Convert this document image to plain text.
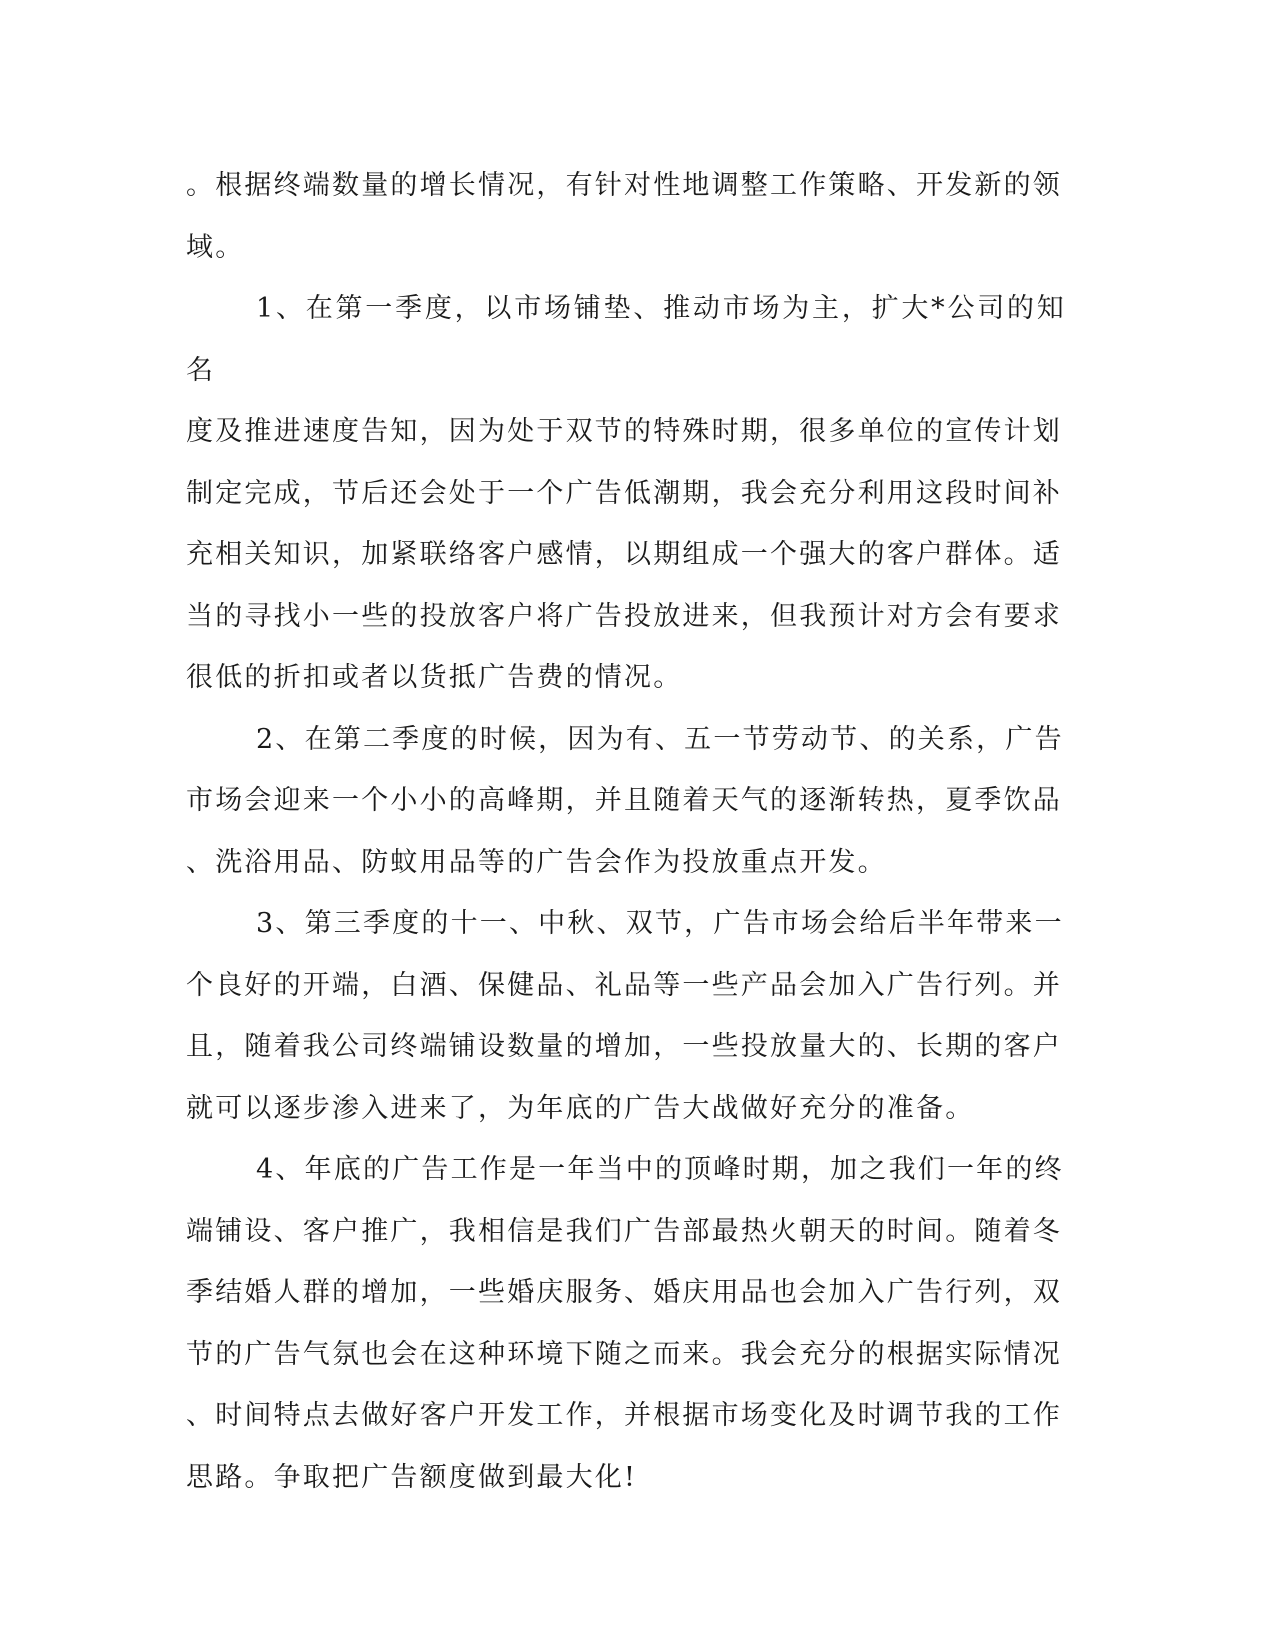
。根据终端数量的增长情况，有针对性地调整工作策略、开发新的领
域。

1、在第一季度，以市场铺垫、推动市场为主，扩大*公司的知名
度及推进速度告知，因为处于双节的特殊时期，很多单位的宣传计划
制定完成，节后还会处于一个广告低潮期，我会充分利用这段时间补
充相关知识，加紧联络客户感情，以期组成一个强大的客户群体。适
当的寻找小一些的投放客户将广告投放进来，但我预计对方会有要求
很低的折扣或者以货抵广告费的情况。

2、在第二季度的时候，因为有、五一节劳动节、的关系，广告
市场会迎来一个小小的高峰期，并且随着天气的逐渐转热，夏季饮品
、洗浴用品、防蚊用品等的广告会作为投放重点开发。

3、第三季度的十一、中秋、双节，广告市场会给后半年带来一
个良好的开端，白酒、保健品、礼品等一些产品会加入广告行列。并
且，随着我公司终端铺设数量的增加，一些投放量大的、长期的客户
就可以逐步渗入进来了，为年底的广告大战做好充分的准备。

4、年底的广告工作是一年当中的顶峰时期，加之我们一年的终
端铺设、客户推广，我相信是我们广告部最热火朝天的时间。随着冬
季结婚人群的增加，一些婚庆服务、婚庆用品也会加入广告行列，双
节的广告气氛也会在这种环境下随之而来。我会充分的根据实际情况
、时间特点去做好客户开发工作，并根据市场变化及时调节我的工作
思路。争取把广告额度做到最大化!
